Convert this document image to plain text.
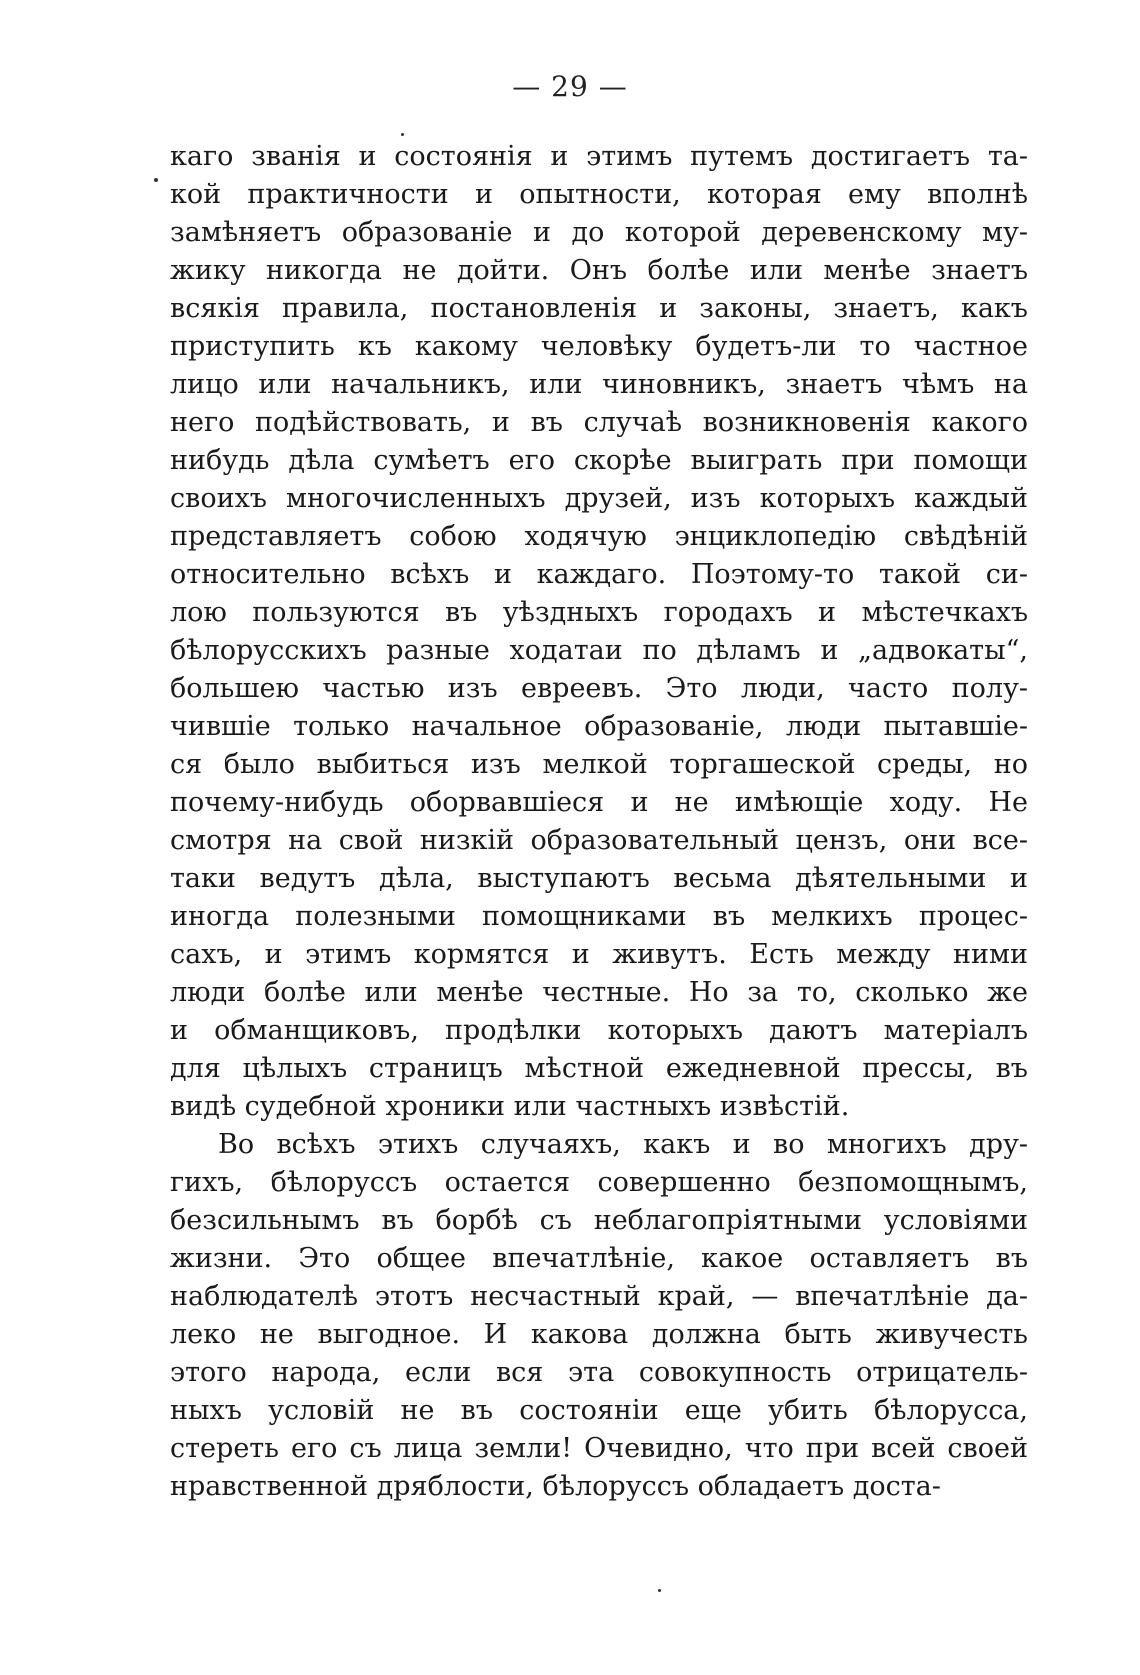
— 29 —
каго званія и состоянія и этимъ путемъ достигаетъ та-
кой практичности и опытности, которая ему вполнѣ
замѣняетъ образованіе и до которой деревенскому му-
жику никогда не дойти. Онъ болѣе или менѣе знаетъ
всякія правила, постановленія и законы, знаетъ, какъ
приступить къ какому человѣку будетъ-ли то частное
лицо или начальникъ, или чиновникъ, знаетъ чѣмъ на
него подѣйствовать, и въ случаѣ возникновенія какого
нибудь дѣла сумѣетъ его скорѣе выиграть при помощи
своихъ многочисленныхъ друзей, изъ которыхъ каждый
представляетъ собою ходячую энциклопедію свѣдѣній
относительно всѣхъ и каждаго. Поэтому-то такой си-
лою пользуются въ уѣздныхъ городахъ и мѣстечкахъ
бѣлорусскихъ разные ходатаи по дѣламъ и „адвокаты“,
большею частью изъ евреевъ. Это люди, часто полу-
чившіе только начальное образованіе, люди пытавшіе-
ся было выбиться изъ мелкой торгашеской среды, но
почему-нибудь оборвавшіеся и не имѣющіе ходу. Не
смотря на свой низкій образовательный цензъ, они все-
таки ведутъ дѣла, выступаютъ весьма дѣятельными и
иногда полезными помощниками въ мелкихъ процес-
сахъ, и этимъ кормятся и живутъ. Есть между ними
люди болѣе или менѣе честные. Но за то, сколько же
и обманщиковъ, продѣлки которыхъ даютъ матеріалъ
для цѣлыхъ страницъ мѣстной ежедневной прессы, въ
видѣ судебной хроники или частныхъ извѣстій.
Во всѣхъ этихъ случаяхъ, какъ и во многихъ дру-
гихъ, бѣлоруссъ остается совершенно безпомощнымъ,
безсильнымъ въ борбѣ съ неблагопріятными условіями
жизни. Это общее впечатлѣніе, какое оставляетъ въ
наблюдателѣ этотъ несчастный край, — впечатлѣніе да-
леко не выгодное. И какова должна быть живучесть
этого народа, если вся эта совокупность отрицатель-
ныхъ условій не въ состояніи еще убить бѣлорусса,
стереть его съ лица земли! Очевидно, что при всей своей
нравственной дряблости, бѣлоруссъ обладаетъ доста-
